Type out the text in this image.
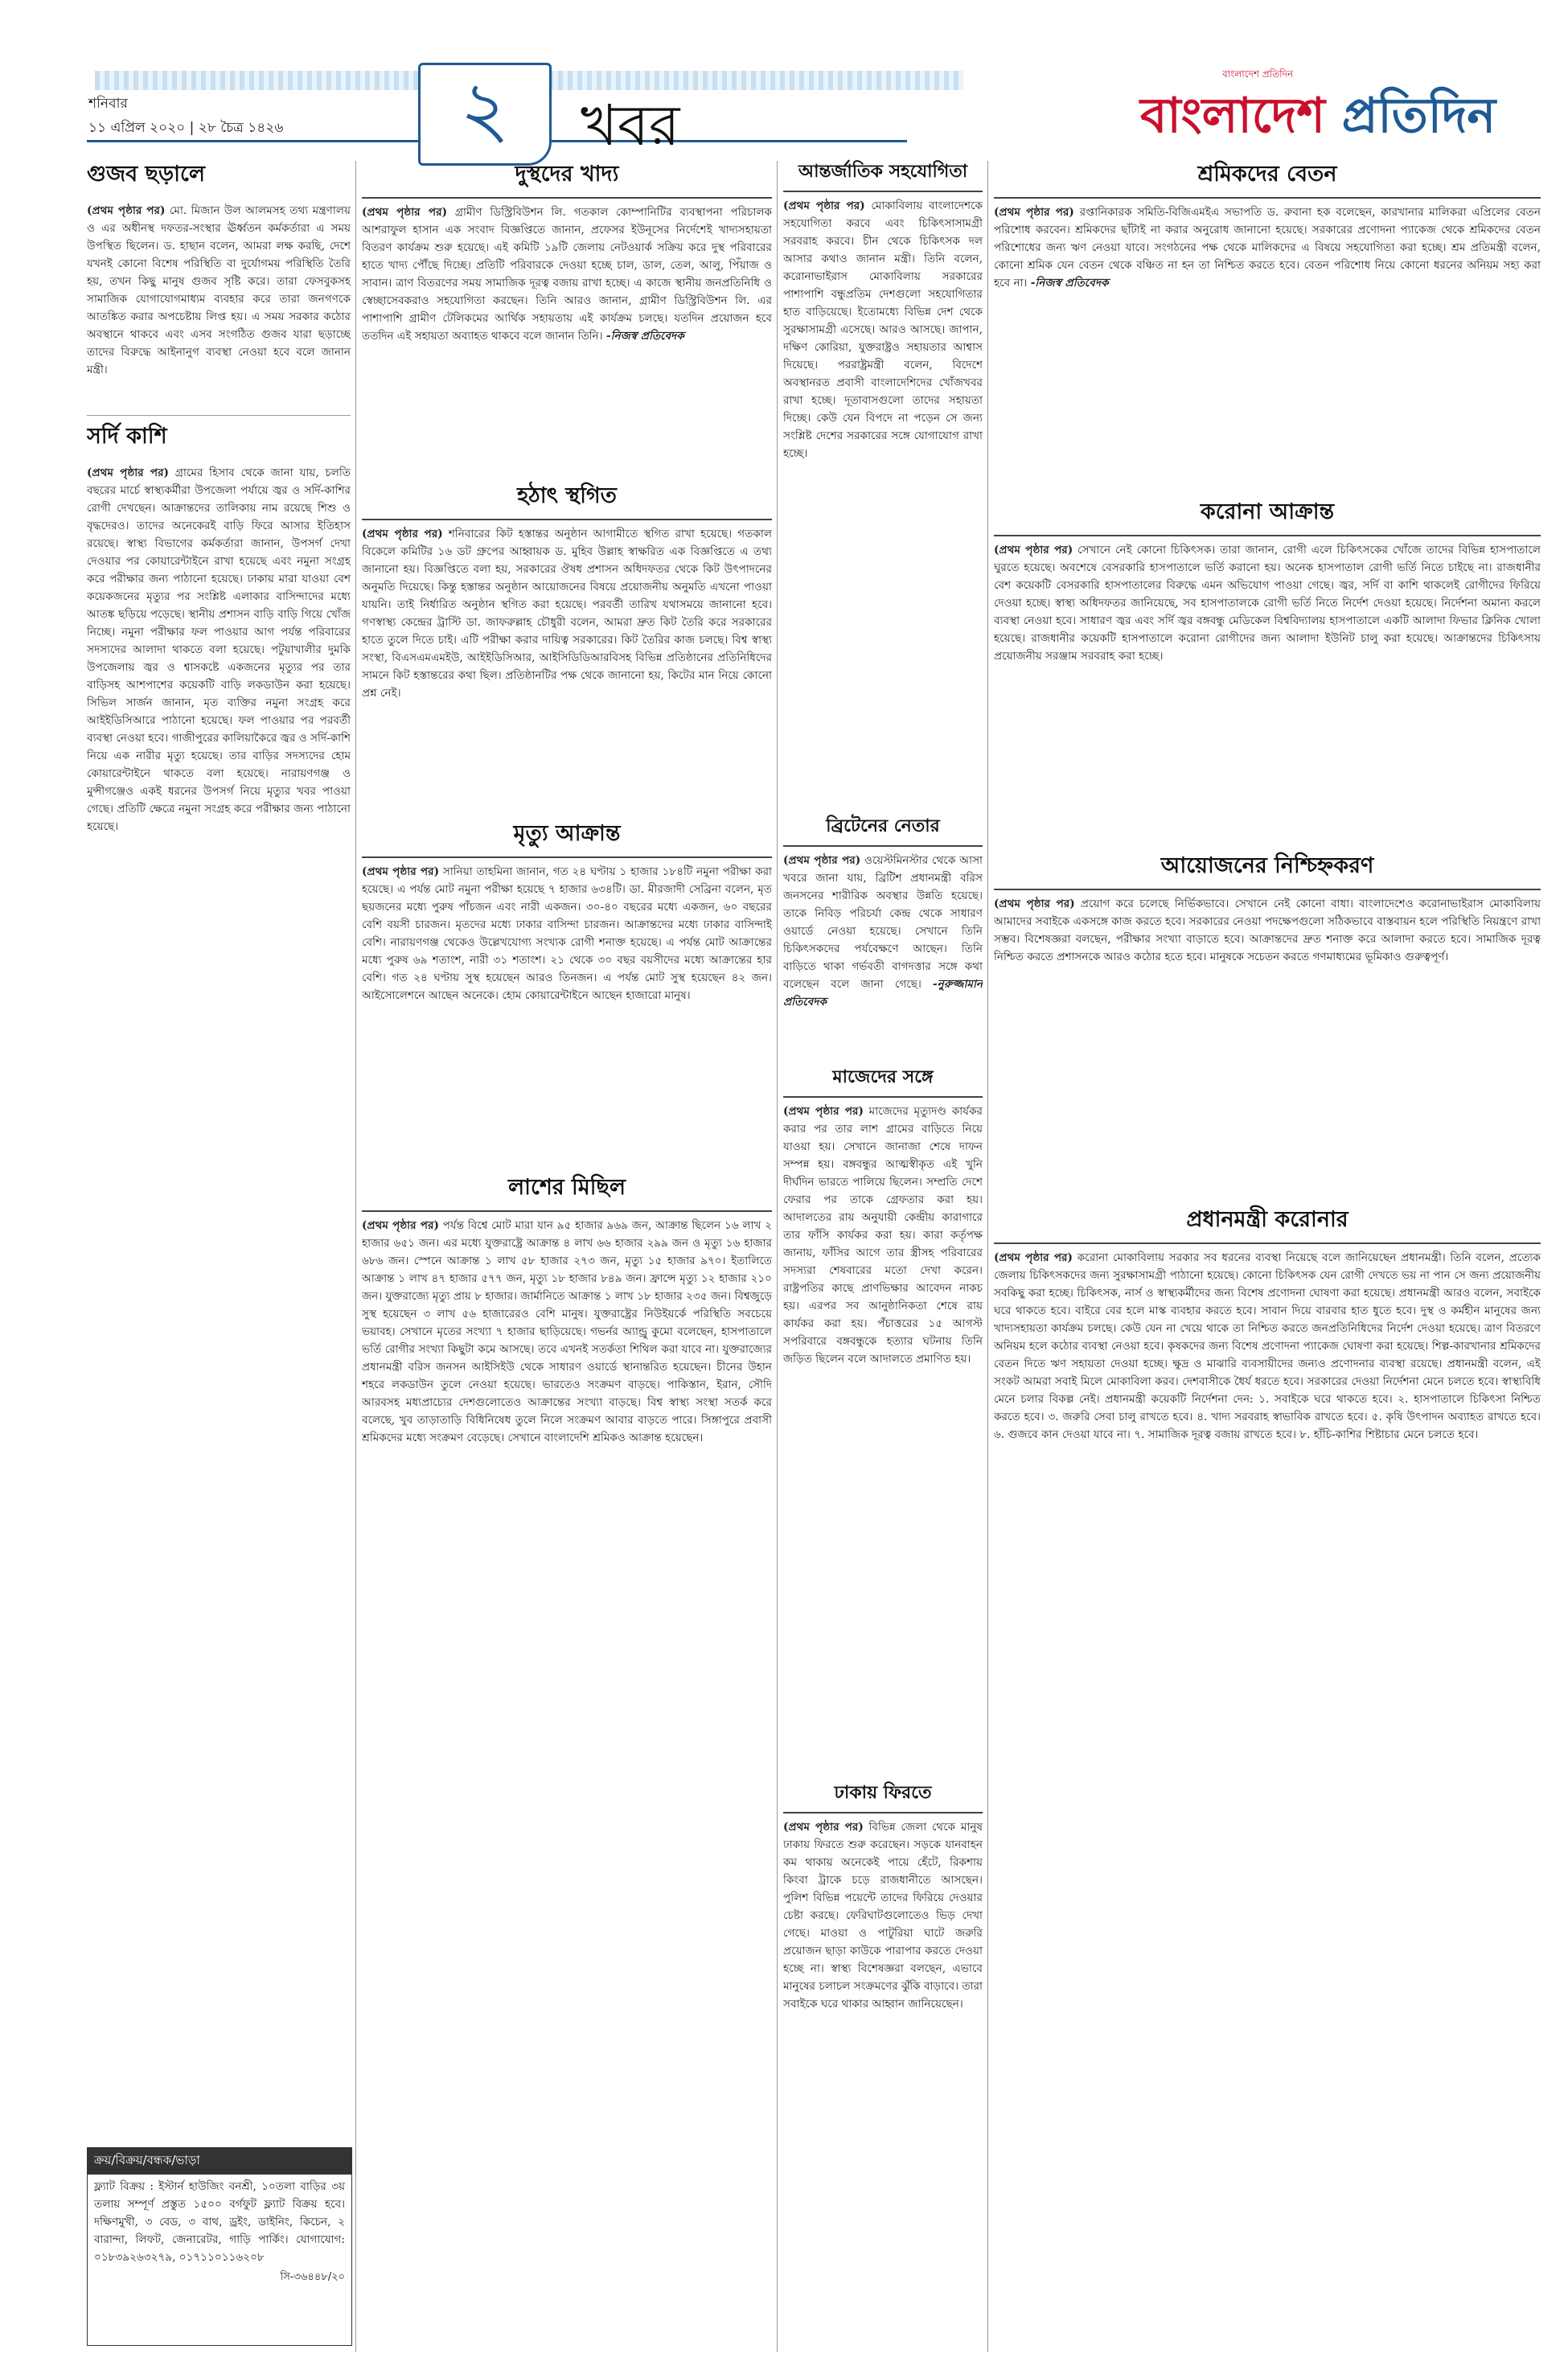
শনিবার
১১ এপ্রিল ২০২০ | ২৮ চৈত্র ১৪২৬	২	খবর
বাংলাদেশ প্রতিদিন
বাংলাদেশ প্রতিদিন
গুজব ছড়ালে

(প্রথম পৃষ্ঠার পর) মো. মিজান উল আলমসহ তথ্য মন্ত্রণালয় ও এর অধীনস্থ দফতর-সংস্থার ঊর্ধ্বতন কর্মকর্তারা এ সময় উপস্থিত ছিলেন। ড. হাছান বলেন, আমরা লক্ষ করছি, দেশে যখনই কোনো বিশেষ পরিস্থিতি বা দুর্যোগময় পরিস্থিতি তৈরি হয়, তখন কিছু মানুষ গুজব সৃষ্টি করে। তারা ফেসবুকসহ সামাজিক যোগাযোগমাধ্যম ব্যবহার করে তারা জনগণকে আতঙ্কিত করার অপচেষ্টায় লিপ্ত হয়। এ সময় সরকার কঠোর অবস্থানে থাকবে এবং এসব সংগঠিত গুজব যারা ছড়াচ্ছে তাদের বিরুদ্ধে আইনানুগ ব্যবস্থা নেওয়া হবে বলে জানান মন্ত্রী।

সর্দি কাশি

(প্রথম পৃষ্ঠার পর) গ্রামের হিসাব থেকে জানা যায়, চলতি বছরের মার্চে স্বাস্থ্যকর্মীরা উপজেলা পর্যায়ে জ্বর ও সর্দি-কাশির রোগী দেখছেন। আক্রান্তদের তালিকায় নাম রয়েছে শিশু ও বৃদ্ধদেরও। তাদের অনেকেরই বাড়ি ফিরে আসার ইতিহাস রয়েছে। স্বাস্থ্য বিভাগের কর্মকর্তারা জানান, উপসর্গ দেখা দেওয়ার পর কোয়ারেন্টাইনে রাখা হয়েছে এবং নমুনা সংগ্রহ করে পরীক্ষার জন্য পাঠানো হয়েছে। ঢাকায় মারা যাওয়া বেশ কয়েকজনের মৃত্যুর পর সংশ্লিষ্ট এলাকার বাসিন্দাদের মধ্যে আতঙ্ক ছড়িয়ে পড়েছে। স্থানীয় প্রশাসন বাড়ি বাড়ি গিয়ে খোঁজ নিচ্ছে। নমুনা পরীক্ষার ফল পাওয়ার আগ পর্যন্ত পরিবারের সদস্যদের আলাদা থাকতে বলা হয়েছে। পটুয়াখালীর দুমকি উপজেলায় জ্বর ও শ্বাসকষ্টে একজনের মৃত্যুর পর তার বাড়িসহ আশপাশের কয়েকটি বাড়ি লকডাউন করা হয়েছে। সিভিল সার্জন জানান, মৃত ব্যক্তির নমুনা সংগ্রহ করে আইইডিসিআরে পাঠানো হয়েছে। ফল পাওয়ার পর পরবর্তী ব্যবস্থা নেওয়া হবে। গাজীপুরের কালিয়াকৈরে জ্বর ও সর্দি-কাশি নিয়ে এক নারীর মৃত্যু হয়েছে। তার বাড়ির সদস্যদের হোম কোয়ারেন্টাইনে থাকতে বলা হয়েছে। নারায়ণগঞ্জ ও মুন্সীগঞ্জেও একই ধরনের উপসর্গ নিয়ে মৃত্যুর খবর পাওয়া গেছে। প্রতিটি ক্ষেত্রে নমুনা সংগ্রহ করে পরীক্ষার জন্য পাঠানো হয়েছে।

ক্রয়/বিক্রয়/বন্ধক/ভাড়া
ফ্ল্যাট বিক্রয় : ইস্টার্ন হাউজিং বনশ্রী, ১০তলা বাড়ির ৩য় তলায় সম্পূর্ণ প্রস্তুত ১৫০০ বর্গফুট ফ্ল্যাট বিক্রয় হবে। দক্ষিণমুখী, ৩ বেড, ৩ বাথ, ড্রইং, ডাইনিং, কিচেন, ২ বারান্দা, লিফট, জেনারেটর, গাড়ি পার্কিং। যোগাযোগ: ০১৮৩৯২৬৩২৭৯, ০১৭১১০১১৬২০৮
সি-৩৬৪৪৮/২০
দুস্থদের খাদ্য

(প্রথম পৃষ্ঠার পর) গ্রামীণ ডিস্ট্রিবিউশন লি. গতকাল কোম্পানিটির ব্যবস্থাপনা পরিচালক আশরাফুল হাসান এক সংবাদ বিজ্ঞপ্তিতে জানান, প্রফেসর ইউনূসের নির্দেশেই খাদ্যসহায়তা বিতরণ কার্যক্রম শুরু হয়েছে। এই কমিটি ১৯টি জেলায় নেটওয়ার্ক সক্রিয় করে দুস্থ পরিবারের হাতে খাদ্য পৌঁছে দিচ্ছে। প্রতিটি পরিবারকে দেওয়া হচ্ছে চাল, ডাল, তেল, আলু, পিঁয়াজ ও সাবান। ত্রাণ বিতরণের সময় সামাজিক দূরত্ব বজায় রাখা হচ্ছে। এ কাজে স্থানীয় জনপ্রতিনিধি ও স্বেচ্ছাসেবকরাও সহযোগিতা করছেন। তিনি আরও জানান, গ্রামীণ ডিস্ট্রিবিউশন লি. এর পাশাপাশি গ্রামীণ টেলিকমের আর্থিক সহায়তায় এই কার্যক্রম চলছে। যতদিন প্রয়োজন হবে ততদিন এই সহায়তা অব্যাহত থাকবে বলে জানান তিনি। -নিজস্ব প্রতিবেদক

হঠাৎ স্থগিত

(প্রথম পৃষ্ঠার পর) শনিবারের কিট হস্তান্তর অনুষ্ঠান আগামীতে স্থগিত রাখা হয়েছে। গতকাল বিকেলে কমিটির ১৬ ডট গ্রুপের আহ্বায়ক ড. মুহিব উল্লাহ স্বাক্ষরিত এক বিজ্ঞপ্তিতে এ তথ্য জানানো হয়। বিজ্ঞপ্তিতে বলা হয়, সরকারের ঔষধ প্রশাসন অধিদফতর থেকে কিট উৎপাদনের অনুমতি দিয়েছে। কিন্তু হস্তান্তর অনুষ্ঠান আয়োজনের বিষয়ে প্রয়োজনীয় অনুমতি এখনো পাওয়া যায়নি। তাই নির্ধারিত অনুষ্ঠান স্থগিত করা হয়েছে। পরবর্তী তারিখ যথাসময়ে জানানো হবে। গণস্বাস্থ্য কেন্দ্রের ট্রাস্টি ডা. জাফরুল্লাহ চৌধুরী বলেন, আমরা দ্রুত কিট তৈরি করে সরকারের হাতে তুলে দিতে চাই। এটি পরীক্ষা করার দায়িত্ব সরকারের। কিট তৈরির কাজ চলছে। বিশ্ব স্বাস্থ্য সংস্থা, বিএসএমএমইউ, আইইডিসিআর, আইসিডিডিআরবিসহ বিভিন্ন প্রতিষ্ঠানের প্রতিনিধিদের সামনে কিট হস্তান্তরের কথা ছিল। প্রতিষ্ঠানটির পক্ষ থেকে জানানো হয়, কিটের মান নিয়ে কোনো প্রশ্ন নেই।

মৃত্যু আক্রান্ত

(প্রথম পৃষ্ঠার পর) সানিয়া তাহমিনা জানান, গত ২৪ ঘণ্টায় ১ হাজার ১৮৪টি নমুনা পরীক্ষা করা হয়েছে। এ পর্যন্ত মোট নমুনা পরীক্ষা হয়েছে ৭ হাজার ৬৩৪টি। ডা. মীরজাদী সেব্রিনা বলেন, মৃত ছয়জনের মধ্যে পুরুষ পাঁচজন এবং নারী একজন। ৩০-৪০ বছরের মধ্যে একজন, ৬০ বছরের বেশি বয়সী চারজন। মৃতদের মধ্যে ঢাকার বাসিন্দা চারজন। আক্রান্তদের মধ্যে ঢাকার বাসিন্দাই বেশি। নারায়ণগঞ্জ থেকেও উল্লেখযোগ্য সংখ্যক রোগী শনাক্ত হয়েছে। এ পর্যন্ত মোট আক্রান্তের মধ্যে পুরুষ ৬৯ শতাংশ, নারী ৩১ শতাংশ। ২১ থেকে ৩০ বছর বয়সীদের মধ্যে আক্রান্তের হার বেশি। গত ২৪ ঘণ্টায় সুস্থ হয়েছেন আরও তিনজন। এ পর্যন্ত মোট সুস্থ হয়েছেন ৪২ জন। আইসোলেশনে আছেন অনেকে। হোম কোয়ারেন্টাইনে আছেন হাজারো মানুষ।

লাশের মিছিল

(প্রথম পৃষ্ঠার পর) পর্যন্ত বিশ্বে মোট মারা যান ৯৫ হাজার ৯৬৯ জন, আক্রান্ত ছিলেন ১৬ লাখ ২ হাজার ৬৫১ জন। এর মধ্যে যুক্তরাষ্ট্রে আক্রান্ত ৪ লাখ ৬৬ হাজার ২৯৯ জন ও মৃত্যু ১৬ হাজার ৬৮৬ জন। স্পেনে আক্রান্ত ১ লাখ ৫৮ হাজার ২৭৩ জন, মৃত্যু ১৫ হাজার ৯৭০। ইতালিতে আক্রান্ত ১ লাখ ৪৭ হাজার ৫৭৭ জন, মৃত্যু ১৮ হাজার ৮৪৯ জন। ফ্রান্সে মৃত্যু ১২ হাজার ২১০ জন। যুক্তরাজ্যে মৃত্যু প্রায় ৮ হাজার। জার্মানিতে আক্রান্ত ১ লাখ ১৮ হাজার ২৩৫ জন। বিশ্বজুড়ে সুস্থ হয়েছেন ৩ লাখ ৫৬ হাজারেরও বেশি মানুষ। যুক্তরাষ্ট্রের নিউইয়র্কে পরিস্থিতি সবচেয়ে ভয়াবহ। সেখানে মৃতের সংখ্যা ৭ হাজার ছাড়িয়েছে। গভর্নর অ্যান্ড্রু কুমো বলেছেন, হাসপাতালে ভর্তি রোগীর সংখ্যা কিছুটা কমে আসছে। তবে এখনই সতর্কতা শিথিল করা যাবে না। যুক্তরাজ্যের প্রধানমন্ত্রী বরিস জনসন আইসিইউ থেকে সাধারণ ওয়ার্ডে স্থানান্তরিত হয়েছেন। চীনের উহান শহরে লকডাউন তুলে নেওয়া হয়েছে। ভারতেও সংক্রমণ বাড়ছে। পাকিস্তান, ইরান, সৌদি আরবসহ মধ্যপ্রাচ্যের দেশগুলোতেও আক্রান্তের সংখ্যা বাড়ছে। বিশ্ব স্বাস্থ্য সংস্থা সতর্ক করে বলেছে, খুব তাড়াতাড়ি বিধিনিষেধ তুলে নিলে সংক্রমণ আবার বাড়তে পারে। সিঙ্গাপুরে প্রবাসী শ্রমিকদের মধ্যে সংক্রমণ বেড়েছে। সেখানে বাংলাদেশি শ্রমিকও আক্রান্ত হয়েছেন।

আন্তর্জাতিক সহযোগিতা

(প্রথম পৃষ্ঠার পর) মোকাবিলায় বাংলাদেশকে সহযোগিতা করবে এবং চিকিৎসাসামগ্রী সরবরাহ করবে। চীন থেকে চিকিৎসক দল আসার কথাও জানান মন্ত্রী। তিনি বলেন, করোনাভাইরাস মোকাবিলায় সরকারের পাশাপাশি বন্ধুপ্রতিম দেশগুলো সহযোগিতার হাত বাড়িয়েছে। ইতোমধ্যে বিভিন্ন দেশ থেকে সুরক্ষাসামগ্রী এসেছে। আরও আসছে। জাপান, দক্ষিণ কোরিয়া, যুক্তরাষ্ট্রও সহায়তার আশ্বাস দিয়েছে। পররাষ্ট্রমন্ত্রী বলেন, বিদেশে অবস্থানরত প্রবাসী বাংলাদেশিদের খোঁজখবর রাখা হচ্ছে। দূতাবাসগুলো তাদের সহায়তা দিচ্ছে। কেউ যেন বিপদে না পড়েন সে জন্য সংশ্লিষ্ট দেশের সরকারের সঙ্গে যোগাযোগ রাখা হচ্ছে।

ব্রিটেনের নেতার

(প্রথম পৃষ্ঠার পর) ওয়েস্টমিনস্টার থেকে আসা খবরে জানা যায়, ব্রিটিশ প্রধানমন্ত্রী বরিস জনসনের শারীরিক অবস্থার উন্নতি হয়েছে। তাকে নিবিড় পরিচর্যা কেন্দ্র থেকে সাধারণ ওয়ার্ডে নেওয়া হয়েছে। সেখানে তিনি চিকিৎসকদের পর্যবেক্ষণে আছেন। তিনি বাড়িতে থাকা গর্ভবতী বাগদত্তার সঙ্গে কথা বলেছেন বলে জানা গেছে। -নুরুজ্জামান প্রতিবেদক

মাজেদের সঙ্গে

(প্রথম পৃষ্ঠার পর) মাজেদের মৃত্যুদণ্ড কার্যকর করার পর তার লাশ গ্রামের বাড়িতে নিয়ে যাওয়া হয়। সেখানে জানাজা শেষে দাফন সম্পন্ন হয়। বঙ্গবন্ধুর আত্মস্বীকৃত এই খুনি দীর্ঘদিন ভারতে পালিয়ে ছিলেন। সম্প্রতি দেশে ফেরার পর তাকে গ্রেফতার করা হয়। আদালতের রায় অনুযায়ী কেন্দ্রীয় কারাগারে তার ফাঁসি কার্যকর করা হয়। কারা কর্তৃপক্ষ জানায়, ফাঁসির আগে তার স্ত্রীসহ পরিবারের সদস্যরা শেষবারের মতো দেখা করেন। রাষ্ট্রপতির কাছে প্রাণভিক্ষার আবেদন নাকচ হয়। এরপর সব আনুষ্ঠানিকতা শেষে রায় কার্যকর করা হয়। পঁচাত্তরের ১৫ আগস্ট সপরিবারে বঙ্গবন্ধুকে হত্যার ঘটনায় তিনি জড়িত ছিলেন বলে আদালতে প্রমাণিত হয়।

ঢাকায় ফিরতে

(প্রথম পৃষ্ঠার পর) বিভিন্ন জেলা থেকে মানুষ ঢাকায় ফিরতে শুরু করেছেন। সড়কে যানবাহন কম থাকায় অনেকেই পায়ে হেঁটে, রিকশায় কিংবা ট্রাকে চড়ে রাজধানীতে আসছেন। পুলিশ বিভিন্ন পয়েন্টে তাদের ফিরিয়ে দেওয়ার চেষ্টা করছে। ফেরিঘাটগুলোতেও ভিড় দেখা গেছে। মাওয়া ও পাটুরিয়া ঘাটে জরুরি প্রয়োজন ছাড়া কাউকে পারাপার করতে দেওয়া হচ্ছে না। স্বাস্থ্য বিশেষজ্ঞরা বলছেন, এভাবে মানুষের চলাচল সংক্রমণের ঝুঁকি বাড়াবে। তারা সবাইকে ঘরে থাকার আহ্বান জানিয়েছেন।

শ্রমিকদের বেতন

(প্রথম পৃষ্ঠার পর) রপ্তানিকারক সমিতি-বিজিএমইএ সভাপতি ড. রুবানা হক বলেছেন, কারখানার মালিকরা এপ্রিলের বেতন পরিশোধ করবেন। শ্রমিকদের ছাঁটাই না করার অনুরোধ জানানো হয়েছে। সরকারের প্রণোদনা প্যাকেজ থেকে শ্রমিকদের বেতন পরিশোধের জন্য ঋণ নেওয়া যাবে। সংগঠনের পক্ষ থেকে মালিকদের এ বিষয়ে সহযোগিতা করা হচ্ছে। শ্রম প্রতিমন্ত্রী বলেন, কোনো শ্রমিক যেন বেতন থেকে বঞ্চিত না হন তা নিশ্চিত করতে হবে। বেতন পরিশোধ নিয়ে কোনো ধরনের অনিয়ম সহ্য করা হবে না। -নিজস্ব প্রতিবেদক

করোনা আক্রান্ত

(প্রথম পৃষ্ঠার পর) সেখানে নেই কোনো চিকিৎসক। তারা জানান, রোগী এলে চিকিৎসকের খোঁজে তাদের বিভিন্ন হাসপাতালে ঘুরতে হয়েছে। অবশেষে বেসরকারি হাসপাতালে ভর্তি করানো হয়। অনেক হাসপাতাল রোগী ভর্তি নিতে চাইছে না। রাজধানীর বেশ কয়েকটি বেসরকারি হাসপাতালের বিরুদ্ধে এমন অভিযোগ পাওয়া গেছে। জ্বর, সর্দি বা কাশি থাকলেই রোগীদের ফিরিয়ে দেওয়া হচ্ছে। স্বাস্থ্য অধিদফতর জানিয়েছে, সব হাসপাতালকে রোগী ভর্তি নিতে নির্দেশ দেওয়া হয়েছে। নির্দেশনা অমান্য করলে ব্যবস্থা নেওয়া হবে। সাধারণ জ্বর এবং সর্দি জ্বর বঙ্গবন্ধু মেডিকেল বিশ্ববিদ্যালয় হাসপাতালে একটি আলাদা ফিভার ক্লিনিক খোলা হয়েছে। রাজধানীর কয়েকটি হাসপাতালে করোনা রোগীদের জন্য আলাদা ইউনিট চালু করা হয়েছে। আক্রান্তদের চিকিৎসায় প্রয়োজনীয় সরঞ্জাম সরবরাহ করা হচ্ছে।

আয়োজনের নিশ্চিহ্নকরণ

(প্রথম পৃষ্ঠার পর) প্রয়োগ করে চলেছে নির্ভিকভাবে। সেখানে নেই কোনো বাধা। বাংলাদেশেও করোনাভাইরাস মোকাবিলায় আমাদের সবাইকে একসঙ্গে কাজ করতে হবে। সরকারের নেওয়া পদক্ষেপগুলো সঠিকভাবে বাস্তবায়ন হলে পরিস্থিতি নিয়ন্ত্রণে রাখা সম্ভব। বিশেষজ্ঞরা বলছেন, পরীক্ষার সংখ্যা বাড়াতে হবে। আক্রান্তদের দ্রুত শনাক্ত করে আলাদা করতে হবে। সামাজিক দূরত্ব নিশ্চিত করতে প্রশাসনকে আরও কঠোর হতে হবে। মানুষকে সচেতন করতে গণমাধ্যমের ভূমিকাও গুরুত্বপূর্ণ।

প্রধানমন্ত্রী করোনার

(প্রথম পৃষ্ঠার পর) করোনা মোকাবিলায় সরকার সব ধরনের ব্যবস্থা নিয়েছে বলে জানিয়েছেন প্রধানমন্ত্রী। তিনি বলেন, প্রত্যেক জেলায় চিকিৎসকদের জন্য সুরক্ষাসামগ্রী পাঠানো হয়েছে। কোনো চিকিৎসক যেন রোগী দেখতে ভয় না পান সে জন্য প্রয়োজনীয় সবকিছু করা হচ্ছে। চিকিৎসক, নার্স ও স্বাস্থ্যকর্মীদের জন্য বিশেষ প্রণোদনা ঘোষণা করা হয়েছে। প্রধানমন্ত্রী আরও বলেন, সবাইকে ঘরে থাকতে হবে। বাইরে বের হলে মাস্ক ব্যবহার করতে হবে। সাবান দিয়ে বারবার হাত ধুতে হবে। দুস্থ ও কর্মহীন মানুষের জন্য খাদ্যসহায়তা কার্যক্রম চলছে। কেউ যেন না খেয়ে থাকে তা নিশ্চিত করতে জনপ্রতিনিধিদের নির্দেশ দেওয়া হয়েছে। ত্রাণ বিতরণে অনিয়ম হলে কঠোর ব্যবস্থা নেওয়া হবে। কৃষকদের জন্য বিশেষ প্রণোদনা প্যাকেজ ঘোষণা করা হয়েছে। শিল্প-কারখানার শ্রমিকদের বেতন দিতে ঋণ সহায়তা দেওয়া হচ্ছে। ক্ষুদ্র ও মাঝারি ব্যবসায়ীদের জন্যও প্রণোদনার ব্যবস্থা রয়েছে। প্রধানমন্ত্রী বলেন, এই সংকট আমরা সবাই মিলে মোকাবিলা করব। দেশবাসীকে ধৈর্য ধরতে হবে। সরকারের দেওয়া নির্দেশনা মেনে চলতে হবে। স্বাস্থ্যবিধি মেনে চলার বিকল্প নেই। প্রধানমন্ত্রী কয়েকটি নির্দেশনা দেন: ১. সবাইকে ঘরে থাকতে হবে। ২. হাসপাতালে চিকিৎসা নিশ্চিত করতে হবে। ৩. জরুরি সেবা চালু রাখতে হবে। ৪. খাদ্য সরবরাহ স্বাভাবিক রাখতে হবে। ৫. কৃষি উৎপাদন অব্যাহত রাখতে হবে। ৬. গুজবে কান দেওয়া যাবে না। ৭. সামাজিক দূরত্ব বজায় রাখতে হবে। ৮. হাঁচি-কাশির শিষ্টাচার মেনে চলতে হবে।
